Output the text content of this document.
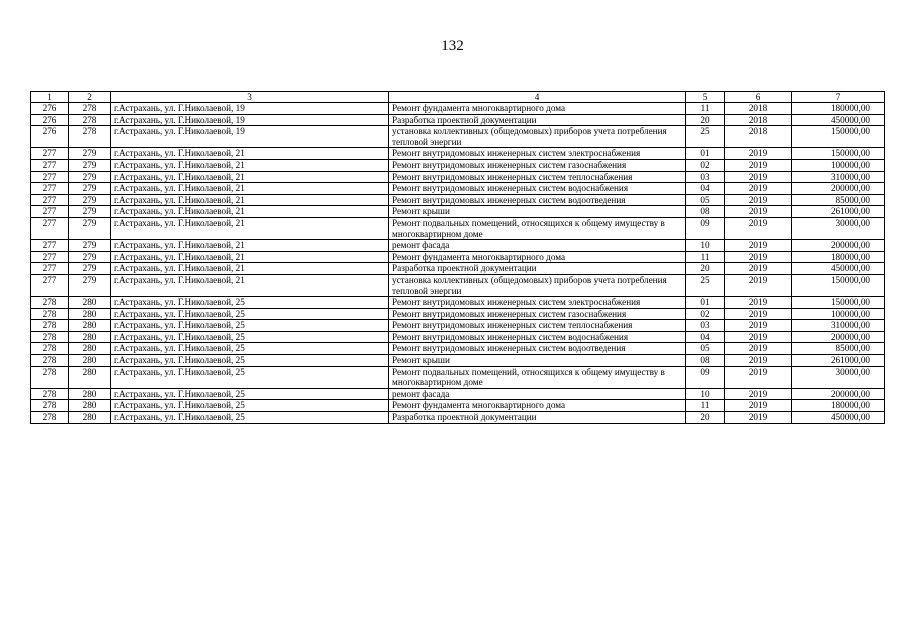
132
1	2	3	4	5	6	7
276	278	г.Астрахань, ул. Г.Николаевой, 19	Ремонт фундамента многоквартирного дома	11	2018	180000,00
276	278	г.Астрахань, ул. Г.Николаевой, 19	Разработка проектной документации	20	2018	450000,00
276	278	г.Астрахань, ул. Г.Николаевой, 19	установка коллективных (общедомовых) приборов учета потребления тепловой энергии	25	2018	150000,00
277	279	г.Астрахань, ул. Г.Николаевой, 21	Ремонт внутридомовых инженерных систем электроснабжения	01	2019	150000,00
277	279	г.Астрахань, ул. Г.Николаевой, 21	Ремонт внутридомовых инженерных систем газоснабжения	02	2019	100000,00
277	279	г.Астрахань, ул. Г.Николаевой, 21	Ремонт внутридомовых инженерных систем теплоснабжения	03	2019	310000,00
277	279	г.Астрахань, ул. Г.Николаевой, 21	Ремонт внутридомовых инженерных систем водоснабжения	04	2019	200000,00
277	279	г.Астрахань, ул. Г.Николаевой, 21	Ремонт внутридомовых инженерных систем водоотведения	05	2019	85000,00
277	279	г.Астрахань, ул. Г.Николаевой, 21	Ремонт крыши	08	2019	261000,00
277	279	г.Астрахань, ул. Г.Николаевой, 21	Ремонт подвальных помещений, относящихся к общему имуществу в многоквартирном доме	09	2019	30000,00
277	279	г.Астрахань, ул. Г.Николаевой, 21	ремонт фасада	10	2019	200000,00
277	279	г.Астрахань, ул. Г.Николаевой, 21	Ремонт фундамента многоквартирного дома	11	2019	180000,00
277	279	г.Астрахань, ул. Г.Николаевой, 21	Разработка проектной документации	20	2019	450000,00
277	279	г.Астрахань, ул. Г.Николаевой, 21	установка коллективных (общедомовых) приборов учета потребления тепловой энергии	25	2019	150000,00
278	280	г.Астрахань, ул. Г.Николаевой, 25	Ремонт внутридомовых инженерных систем электроснабжения	01	2019	150000,00
278	280	г.Астрахань, ул. Г.Николаевой, 25	Ремонт внутридомовых инженерных систем газоснабжения	02	2019	100000,00
278	280	г.Астрахань, ул. Г.Николаевой, 25	Ремонт внутридомовых инженерных систем теплоснабжения	03	2019	310000,00
278	280	г.Астрахань, ул. Г.Николаевой, 25	Ремонт внутридомовых инженерных систем водоснабжения	04	2019	200000,00
278	280	г.Астрахань, ул. Г.Николаевой, 25	Ремонт внутридомовых инженерных систем водоотведения	05	2019	85000,00
278	280	г.Астрахань, ул. Г.Николаевой, 25	Ремонт крыши	08	2019	261000,00
278	280	г.Астрахань, ул. Г.Николаевой, 25	Ремонт подвальных помещений, относящихся к общему имуществу в многоквартирном доме	09	2019	30000,00
278	280	г.Астрахань, ул. Г.Николаевой, 25	ремонт фасада	10	2019	200000,00
278	280	г.Астрахань, ул. Г.Николаевой, 25	Ремонт фундамента многоквартирного дома	11	2019	180000,00
278	280	г.Астрахань, ул. Г.Николаевой, 25	Разработка проектной документации	20	2019	450000,00
